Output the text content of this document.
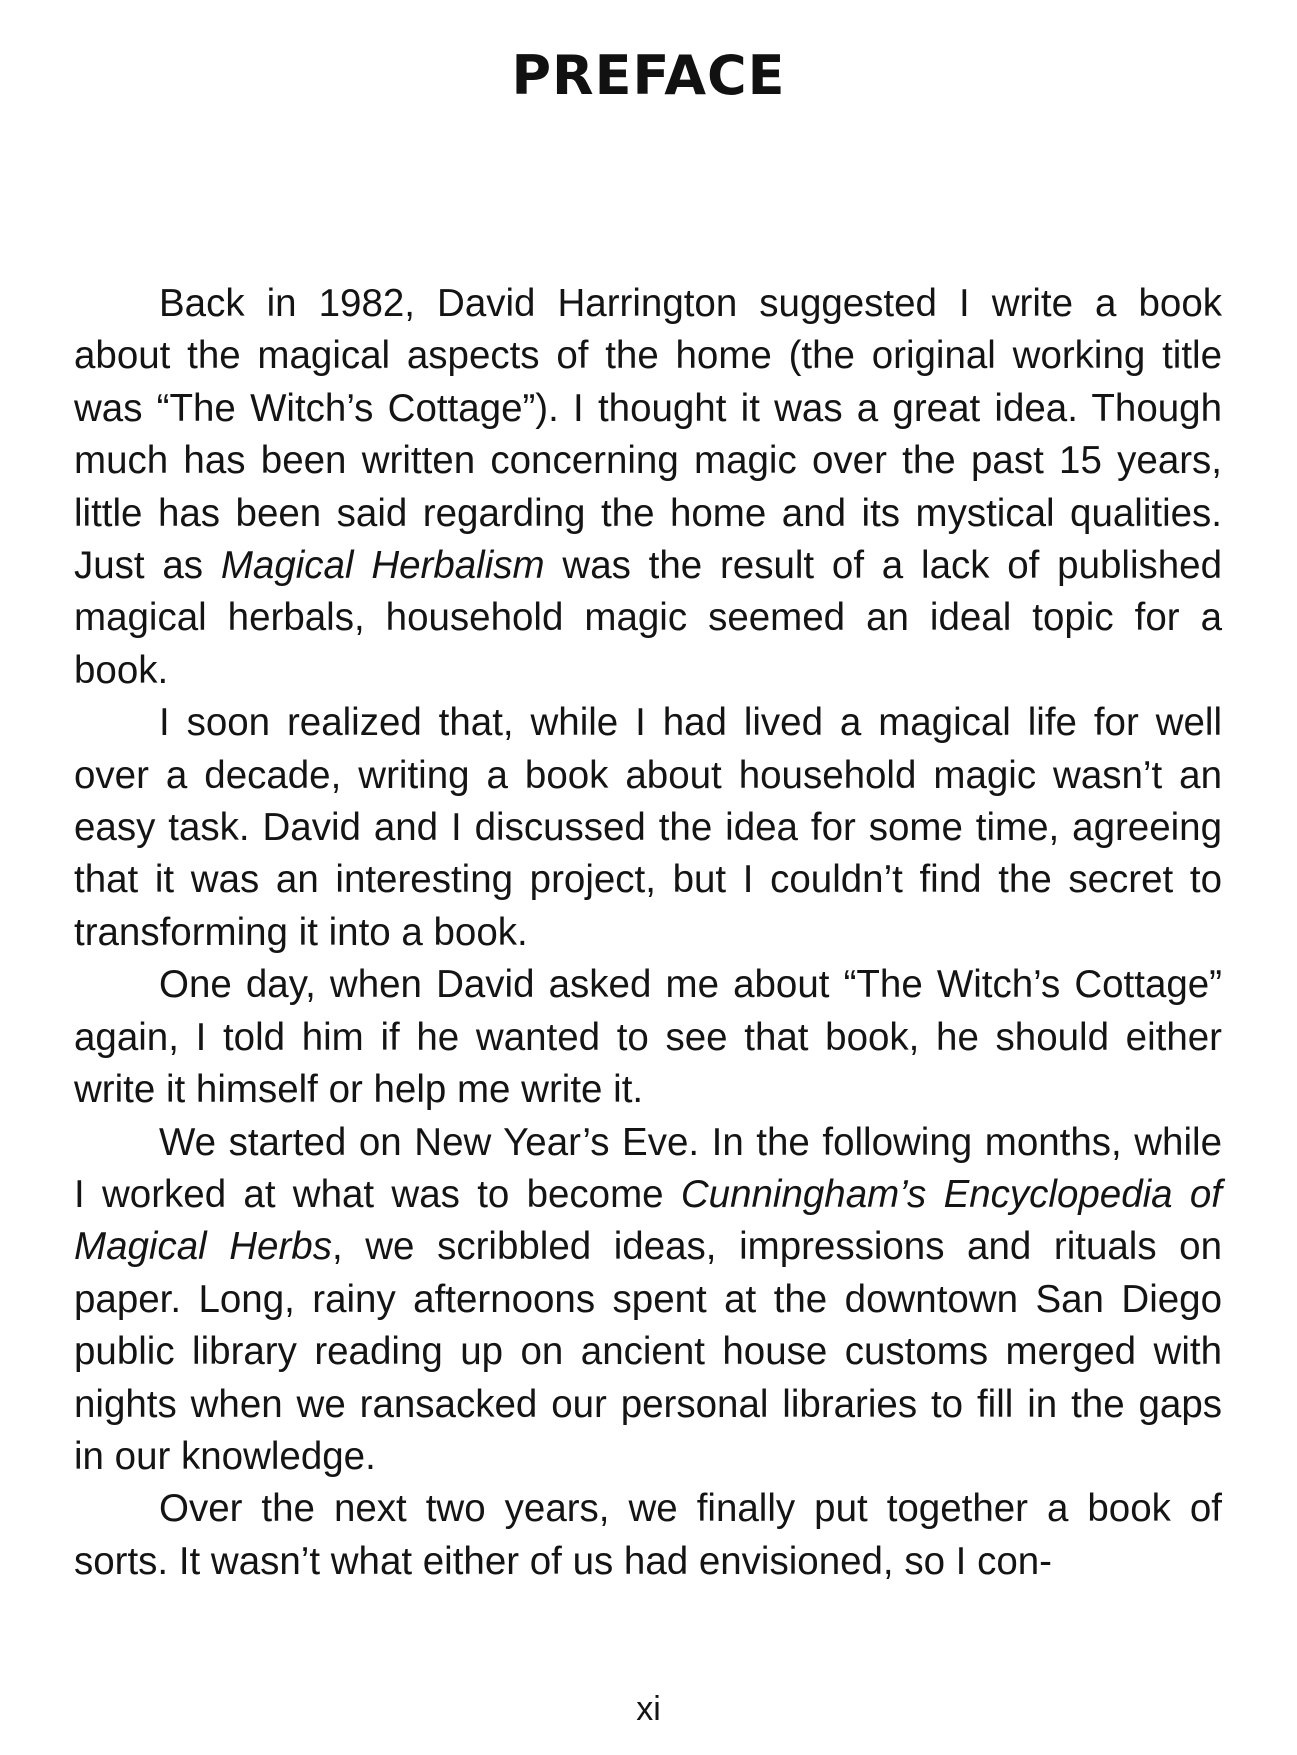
PREFACE

Back in 1982, David Harrington suggested I write a book about the magical aspects of the home (the original working title was “The Witch’s Cottage”). I thought it was a great idea. Though much has been written concerning magic over the past 15 years, little has been said regarding the home and its mystical qualities. Just as Magical Herbalism was the result of a lack of published magical herbals, household magic seemed an ideal topic for a book.

I soon realized that, while I had lived a magical life for well over a decade, writing a book about household magic wasn’t an easy task. David and I discussed the idea for some time, agreeing that it was an interesting project, but I couldn’t find the secret to transforming it into a book.

One day, when David asked me about “The Witch’s Cottage” again, I told him if he wanted to see that book, he should either write it himself or help me write it.

We started on New Year’s Eve. In the following months, while I worked at what was to become Cunningham’s Encyclopedia of Magical Herbs, we scribbled ideas, impressions and rituals on paper. Long, rainy afternoons spent at the downtown San Diego public library reading up on ancient house customs merged with nights when we ransacked our personal libraries to fill in the gaps in our knowledge.

Over the next two years, we finally put together a book of sorts. It wasn’t what either of us had envisioned, so I con-

xi
